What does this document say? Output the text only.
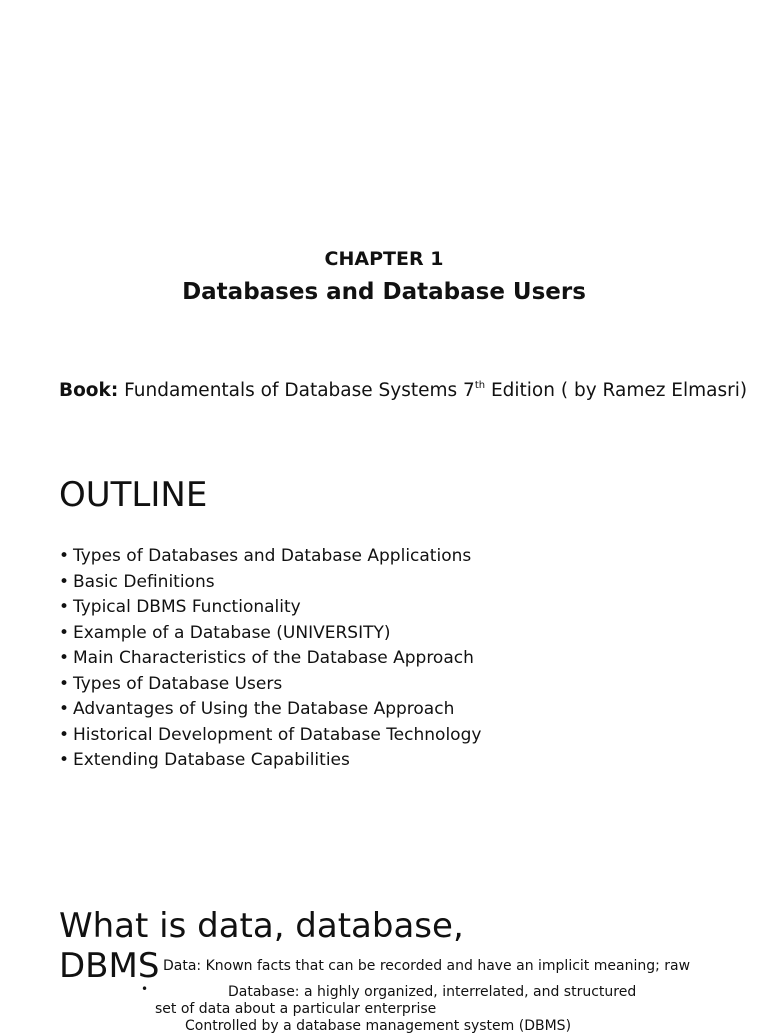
CHAPTER 1
Databases and Database Users
Book: Fundamentals of Database Systems 7th Edition ( by Ramez Elmasri)
OUTLINE
• Types of Databases and Database Applications
• Basic Definitions
• Typical DBMS Functionality
• Example of a Database (UNIVERSITY)
• Main Characteristics of the Database Approach
• Types of Database Users
• Advantages of Using the Database Approach
• Historical Development of Database Technology
• Extending Database Capabilities
What is data, database, DBMS Data: Known facts that can be recorded and have an implicit meaning; raw
•	Database: a highly organized, interrelated, and structured
set of data about a particular enterprise
Controlled by a database management system (DBMS)
